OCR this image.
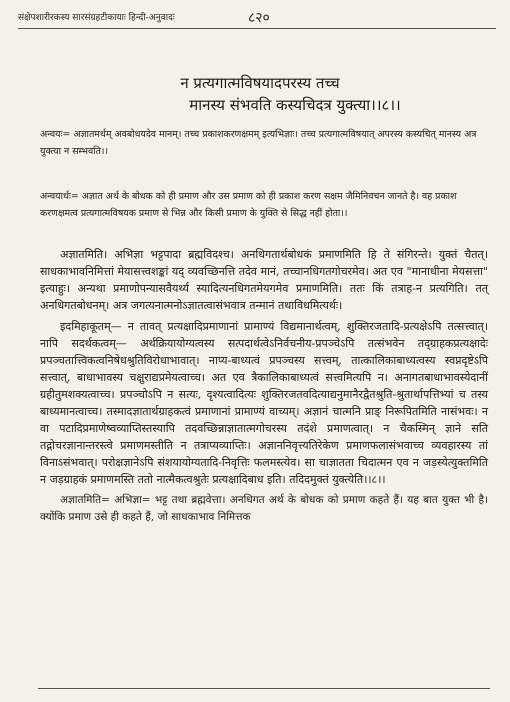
संक्षेपशारीरकस्य सारसंग्रहटीकायाः हिन्दी-अनुवादः	८२०
न प्रत्यगात्मविषयादपरस्य तच्च
मानस्य संभवति कस्यचिदत्र युक्त्या।।८।।
अन्वयः= अज्ञातमर्थम् अवबोधयदेव मानम्। तच्च प्रकाशकरणक्षमम् इत्यभिज्ञाः। तच्च प्रत्यगात्मविषयात् अपरस्य कस्यचित् मानस्य अत्र युक्त्या न सम्भवति।।
अन्वयार्थः= अज्ञात अर्थ के बोधक को ही प्रमाण और उस प्रमाण को ही प्रकाश करण सक्षम जैमिनिवचन जानते है। वह प्रकाश करणक्षमत्व प्रत्यगात्मविषयक प्रमाण से भिन्न और किसी प्रमाण के युक्ति से सिद्ध नहीं होता।।

अज्ञातमिति। अभिज्ञा भट्टपादा ब्रह्मविदश्च। अनधिगतार्थबोधकं प्रमाणमिति हि ते संगिरन्ते। युक्तं चैतत्। साधकाभावनिमित्तां मेयासत्त्वशङ्कां यद् व्यवच्छिनत्ति तदेव मानं, तच्चानधिगतगोचरमेव। अत एव "मानाधीना मेयसत्ता" इत्याहुः। अन्यथा प्रमाणोपन्यासवैयर्थ्य स्यादित्यनधिगतमेयगमेव प्रमाणमिति। ततः किं तत्राह-न प्रत्यगिति। तत् अनधिगतबोधनम्। अत्र जगत्यनात्मनोऽज्ञातत्वासंभवात्र तन्मानं तथाविधमित्यर्थः।

इदमिहाकूतम्— न तावत् प्रत्यक्षादिप्रमाणानां प्रामाण्यं विद्यमानार्थत्वम्, शुक्तिरजतादि-प्रत्यक्षेऽपि तत्सत्त्वात्। नापि सदर्थकत्वम्— अर्थक्रियायोग्यत्वस्य सत्पदार्थत्वेऽनिर्वचनीय-प्रपञ्चेऽपि तत्संभवेन तद्ग्राहकप्रत्यक्षादेः प्रपञ्चतात्त्विकत्वनिषेधश्रुतिविरोधाभावात्। नाप्य-बाध्यत्वं प्रपञ्चस्य सत्त्वम्, तात्कालिकाबाध्यत्वस्य स्वप्नदृष्टेऽपि सत्त्वात्, बाधाभावस्य चक्षुराद्यप्रमेयत्वाच्च। अत एव त्रैकालिकाबाध्यत्वं सत्त्वमित्यपि न। अनागतबाधाभावस्येदानीं ग्रहीतुमशक्यत्वाच्च। प्रपञ्चोऽपि न सत्यः, दृश्यत्वादित्यः शुक्तिरजतवदित्याद्यनुमानैरद्वैतश्रुति-श्रुतार्थापत्तिभ्यां च तस्य बाध्यमानत्वाच्च। तस्मादज्ञातार्थग्राहकत्वं प्रमाणानां प्रामाण्यं वाच्यम्। अज्ञानं चात्मनि प्राङ् निरूपितमिति नासंभवः। न वा पटादिप्रमाणेष्वव्याप्तिस्तस्यापि तदवच्छिन्नाज्ञातात्मगोचरस्य तदंशे प्रमाणत्वात्। न चैकस्मिन् ज्ञाने सति तद्गोचरज्ञानान्तरस्त्वे प्रमाणमस्तीति न तत्राप्यव्याप्तिः। अज्ञाननिवृत्त्यतिरेकेण प्रमाणफलासंभवाच्च व्यवहारस्य तां विनाऽसंभवात्। परोक्षज्ञानेऽपि संशयायोग्यतादि-निवृत्तिः फलमस्त्येव। सा चाज्ञातता चिदात्मन एव न जड़स्येत्युक्तमिति न जड़ग्राहकं प्रमाणमस्ति ततो नात्मैकत्वश्रुतेः प्रत्यक्षादिबाध इति। तदिदमुक्तं युक्त्येति।।८।।

अज्ञातमिति= अभिज्ञा= भट्ट तथा ब्रह्मवेत्ता। अनधिगत अर्थ के बोधक को प्रमाण कहते हैं। यह बात युक्त भी है। क्योंकि प्रमाण उसे ही कहते हैं, जो साधकाभाव निमित्तक
